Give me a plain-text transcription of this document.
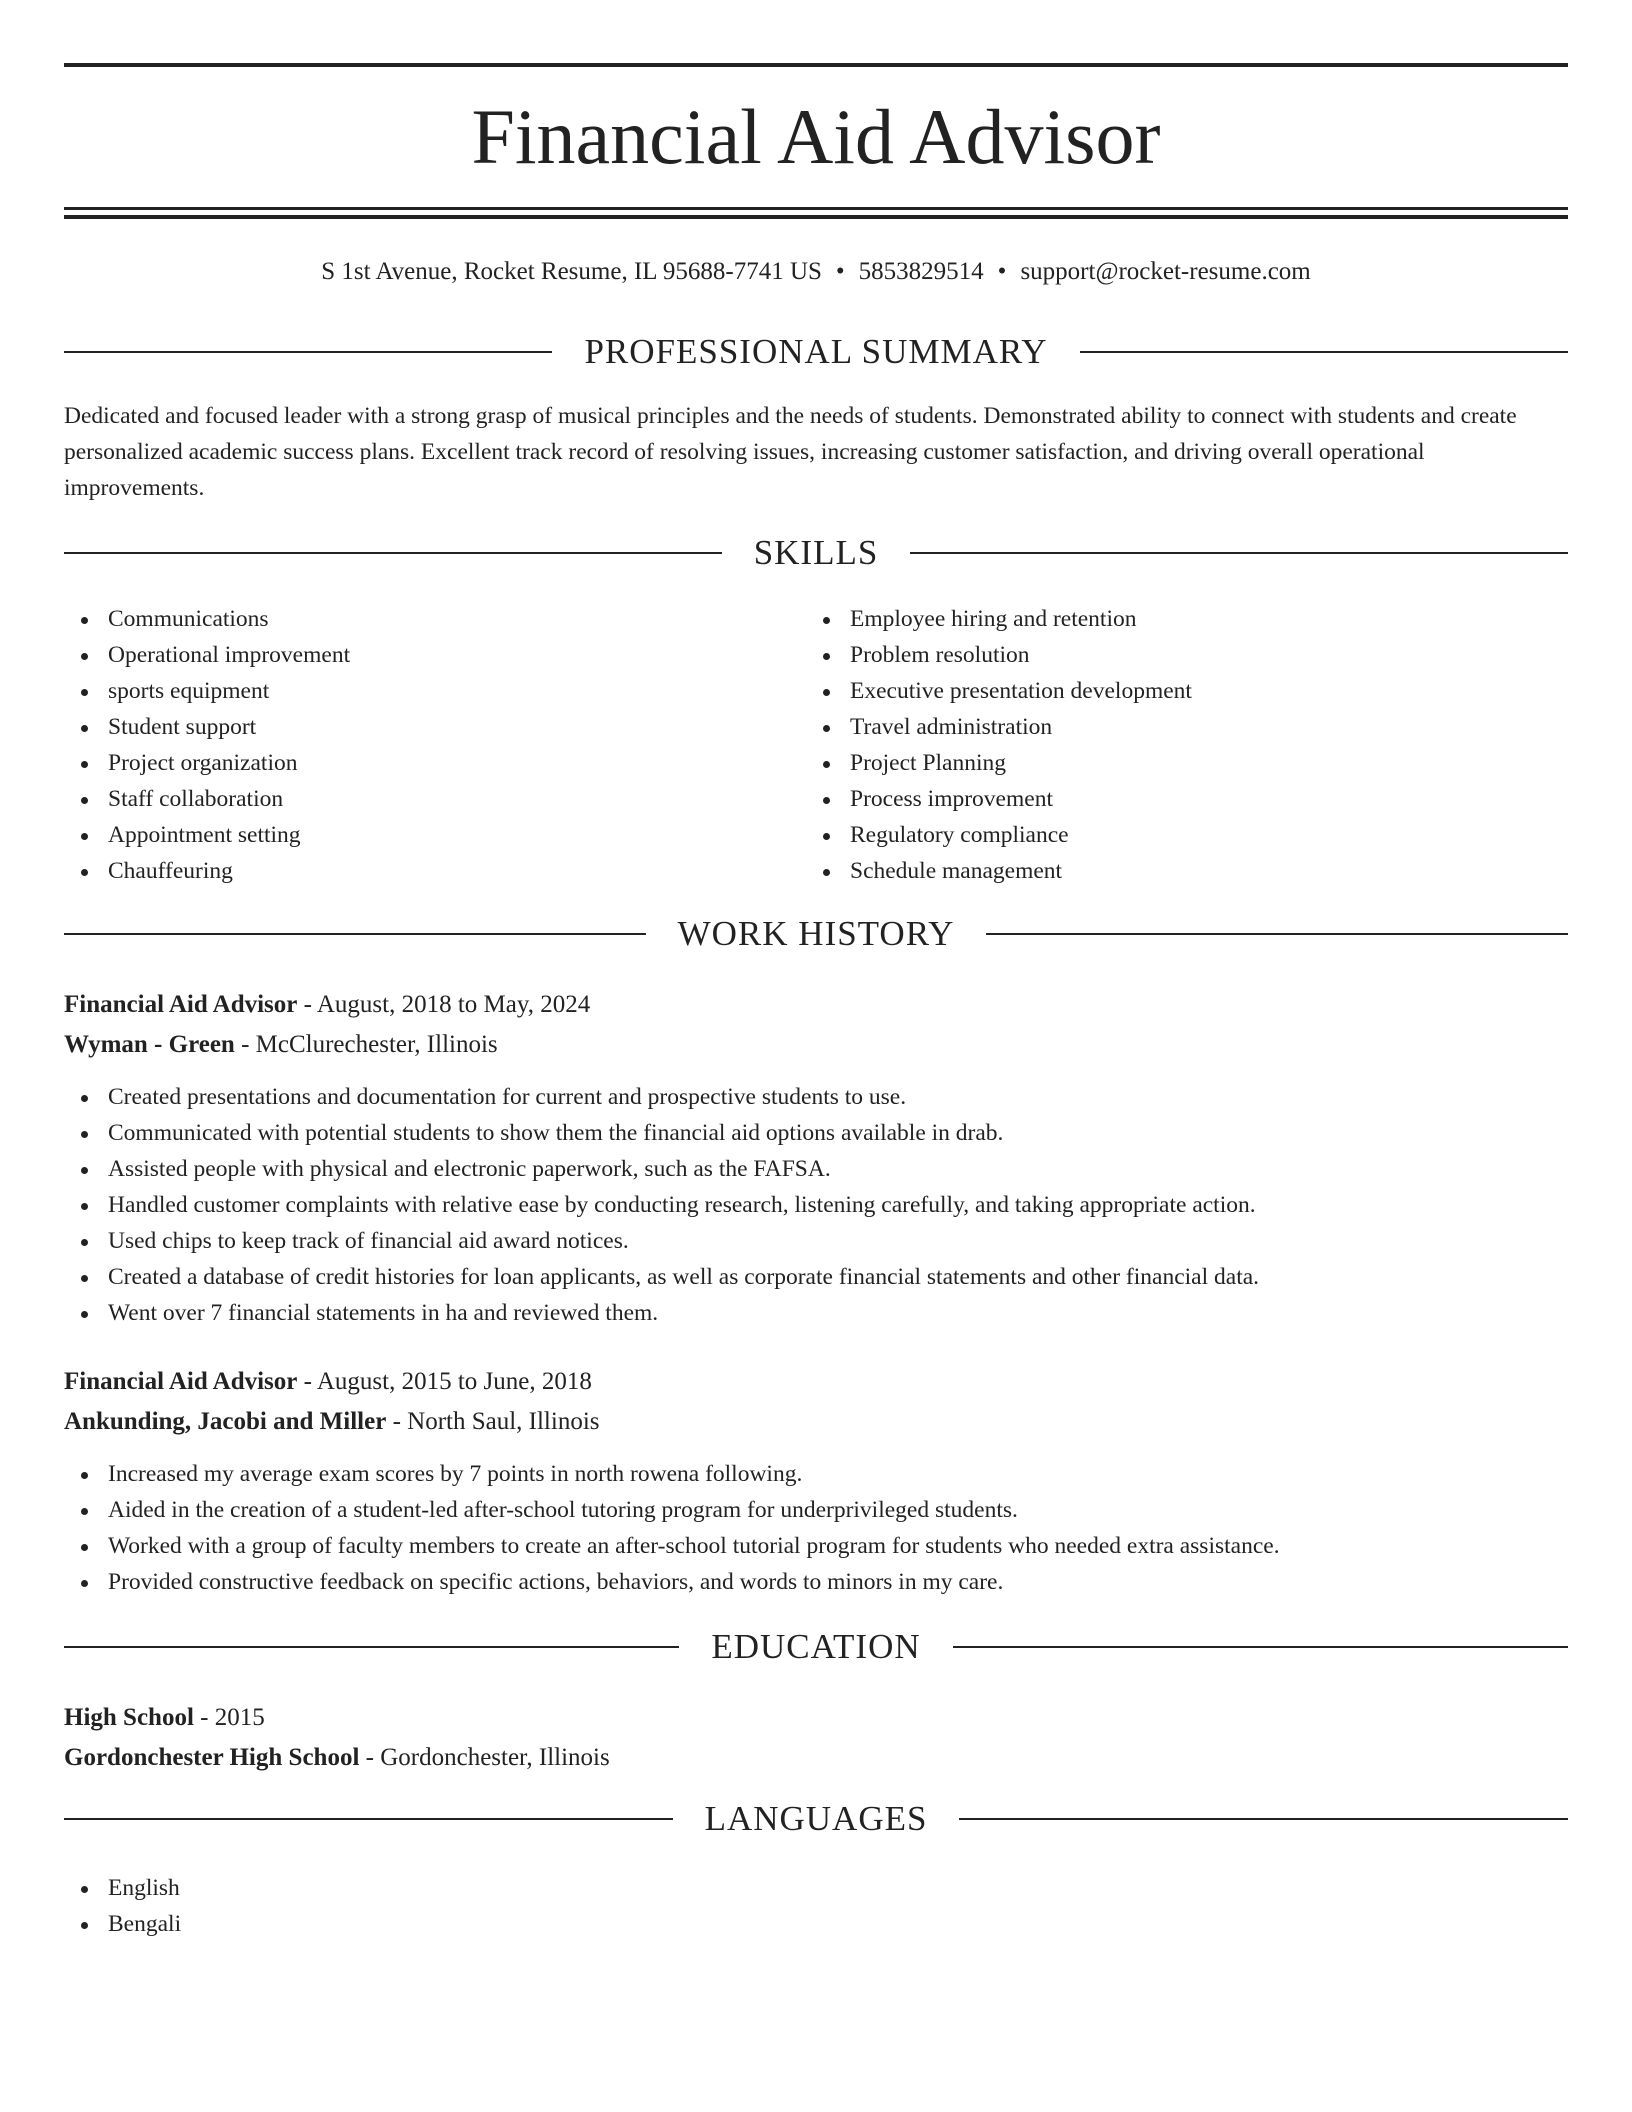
Financial Aid Advisor
S 1st Avenue, Rocket Resume, IL 95688-7741 US • 5853829514 • support@rocket-resume.com
PROFESSIONAL SUMMARY

Dedicated and focused leader with a strong grasp of musical principles and the needs of students. Demonstrated ability to connect with students and create personalized academic success plans. Excellent track record of resolving issues, increasing customer satisfaction, and driving overall operational improvements.

SKILLS
Communications
Operational improvement
sports equipment
Student support
Project organization
Staff collaboration
Appointment setting
Chauffeuring
Employee hiring and retention
Problem resolution
Executive presentation development
Travel administration
Project Planning
Process improvement
Regulatory compliance
Schedule management
WORK HISTORY
Financial Aid Advisor - August, 2018 to May, 2024
Wyman - Green - McClurechester, Illinois
Created presentations and documentation for current and prospective students to use.
Communicated with potential students to show them the financial aid options available in drab.
Assisted people with physical and electronic paperwork, such as the FAFSA.
Handled customer complaints with relative ease by conducting research, listening carefully, and taking appropriate action.
Used chips to keep track of financial aid award notices.
Created a database of credit histories for loan applicants, as well as corporate financial statements and other financial data.
Went over 7 financial statements in ha and reviewed them.
Financial Aid Advisor - August, 2015 to June, 2018
Ankunding, Jacobi and Miller - North Saul, Illinois
Increased my average exam scores by 7 points in north rowena following.
Aided in the creation of a student-led after-school tutoring program for underprivileged students.
Worked with a group of faculty members to create an after-school tutorial program for students who needed extra assistance.
Provided constructive feedback on specific actions, behaviors, and words to minors in my care.
EDUCATION
High School - 2015
Gordonchester High School - Gordonchester, Illinois
LANGUAGES
English
Bengali
